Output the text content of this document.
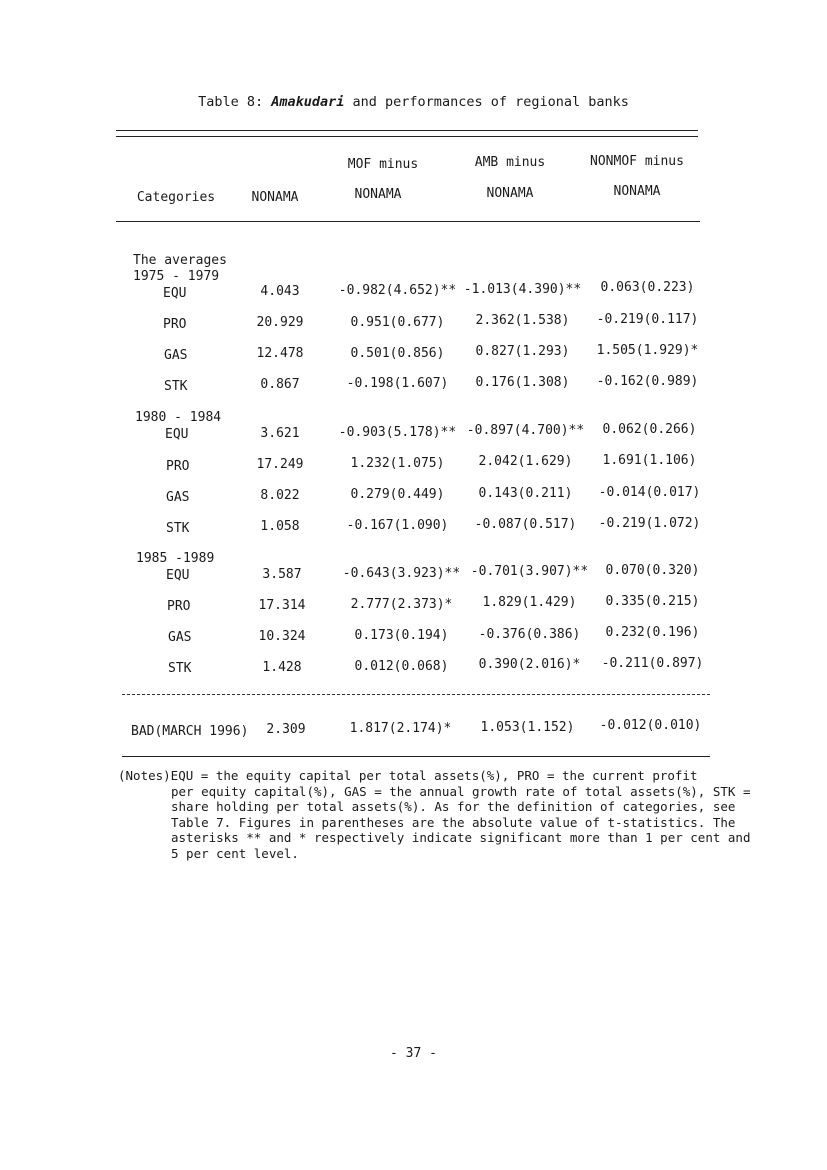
Table 8: Amakudari and performances of regional banks
MOF minus	AMB minus	NONMOF minus
Categories	NONAMA	NONAMA	NONAMA	NONAMA
The averages
1975 - 1979
EQU	4.043	-0.982(4.652)** -1.013(4.390)**	0.063(0.223)
PRO	20.929	0.951(0.677)	2.362(1.538)	-0.219(0.117)
GAS	12.478	0.501(0.856)	0.827(1.293)	1.505(1.929)*
STK	0.867	-0.198(1.607)	0.176(1.308)	-0.162(0.989)
1980 - 1984
EQU	3.621	-0.903(5.178)** -0.897(4.700)**	0.062(0.266)
PRO	17.249	1.232(1.075)	2.042(1.629)	1.691(1.106)
GAS	8.022	0.279(0.449)	0.143(0.211)	-0.014(0.017)
STK	1.058	-0.167(1.090)	-0.087(0.517)	-0.219(1.072)
1985 -1989
EQU	3.587	-0.643(3.923)** -0.701(3.907)**	0.070(0.320)
PRO	17.314	2.777(2.373)*	1.829(1.429)	0.335(0.215)
GAS	10.324	0.173(0.194)	-0.376(0.386)	0.232(0.196)
STK	1.428	0.012(0.068)	0.390(2.016)*	-0.211(0.897)
BAD(MARCH 1996)	2.309	1.817(2.174)*	1.053(1.152)	-0.012(0.010)
(Notes)EQU = the equity capital per total assets(%), PRO = the current profit
per equity capital(%), GAS = the annual growth rate of total assets(%), STK =
share holding per total assets(%). As for the definition of categories, see
Table 7. Figures in parentheses are the absolute value of t-statistics. The
asterisks ** and * respectively indicate significant more than 1 per cent and
5 per cent level.
- 37 -
